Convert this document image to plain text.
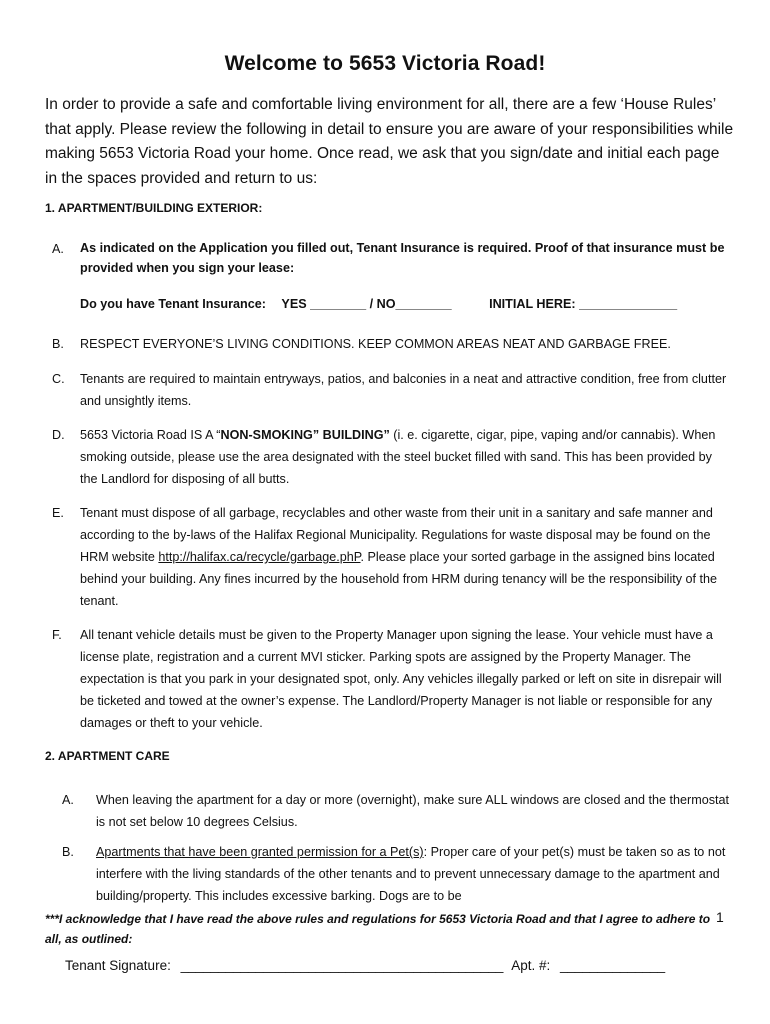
Welcome to 5653 Victoria Road!
In order to provide a safe and comfortable living environment for all, there are a few ‘House Rules’ that apply. Please review the following in detail to ensure you are aware of your responsibilities while making 5653 Victoria Road your home. Once read, we ask that you sign/date and initial each page in the spaces provided and return to us:
1. APARTMENT/BUILDING EXTERIOR:
A. As indicated on the Application you filled out, Tenant Insurance is required. Proof of that insurance must be provided when you sign your lease:
Do you have Tenant Insurance: YES ________ / NO________	INITIAL HERE: ______________
B. RESPECT EVERYONE’S LIVING CONDITIONS. KEEP COMMON AREAS NEAT AND GARBAGE FREE.
C. Tenants are required to maintain entryways, patios, and balconies in a neat and attractive condition, free from clutter and unsightly items.
D. 5653 Victoria Road IS A “NON-SMOKING” BUILDING” (i. e. cigarette, cigar, pipe, vaping and/or cannabis). When smoking outside, please use the area designated with the steel bucket filled with sand. This has been provided by the Landlord for disposing of all butts.
E. Tenant must dispose of all garbage, recyclables and other waste from their unit in a sanitary and safe manner and according to the by-laws of the Halifax Regional Municipality. Regulations for waste disposal may be found on the HRM website http://halifax.ca/recycle/garbage.phP. Please place your sorted garbage in the assigned bins located behind your building. Any fines incurred by the household from HRM during tenancy will be the responsibility of the tenant.
F. All tenant vehicle details must be given to the Property Manager upon signing the lease. Your vehicle must have a license plate, registration and a current MVI sticker. Parking spots are assigned by the Property Manager. The expectation is that you park in your designated spot, only. Any vehicles illegally parked or left on site in disrepair will be ticketed and towed at the owner’s expense. The Landlord/Property Manager is not liable or responsible for any damages or theft to your vehicle.
2. APARTMENT CARE
A. When leaving the apartment for a day or more (overnight), make sure ALL windows are closed and the thermostat is not set below 10 degrees Celsius.
B. Apartments that have been granted permission for a Pet(s): Proper care of your pet(s) must be taken so as to not interfere with the living standards of the other tenants and to prevent unnecessary damage to the apartment and building/property. This includes excessive barking. Dogs are to be
***I acknowledge that I have read the above rules and regulations for 5653 Victoria Road and that I agree to adhere to all, as outlined:
1
Tenant Signature: ___________________________________________ Apt. #: ______________
